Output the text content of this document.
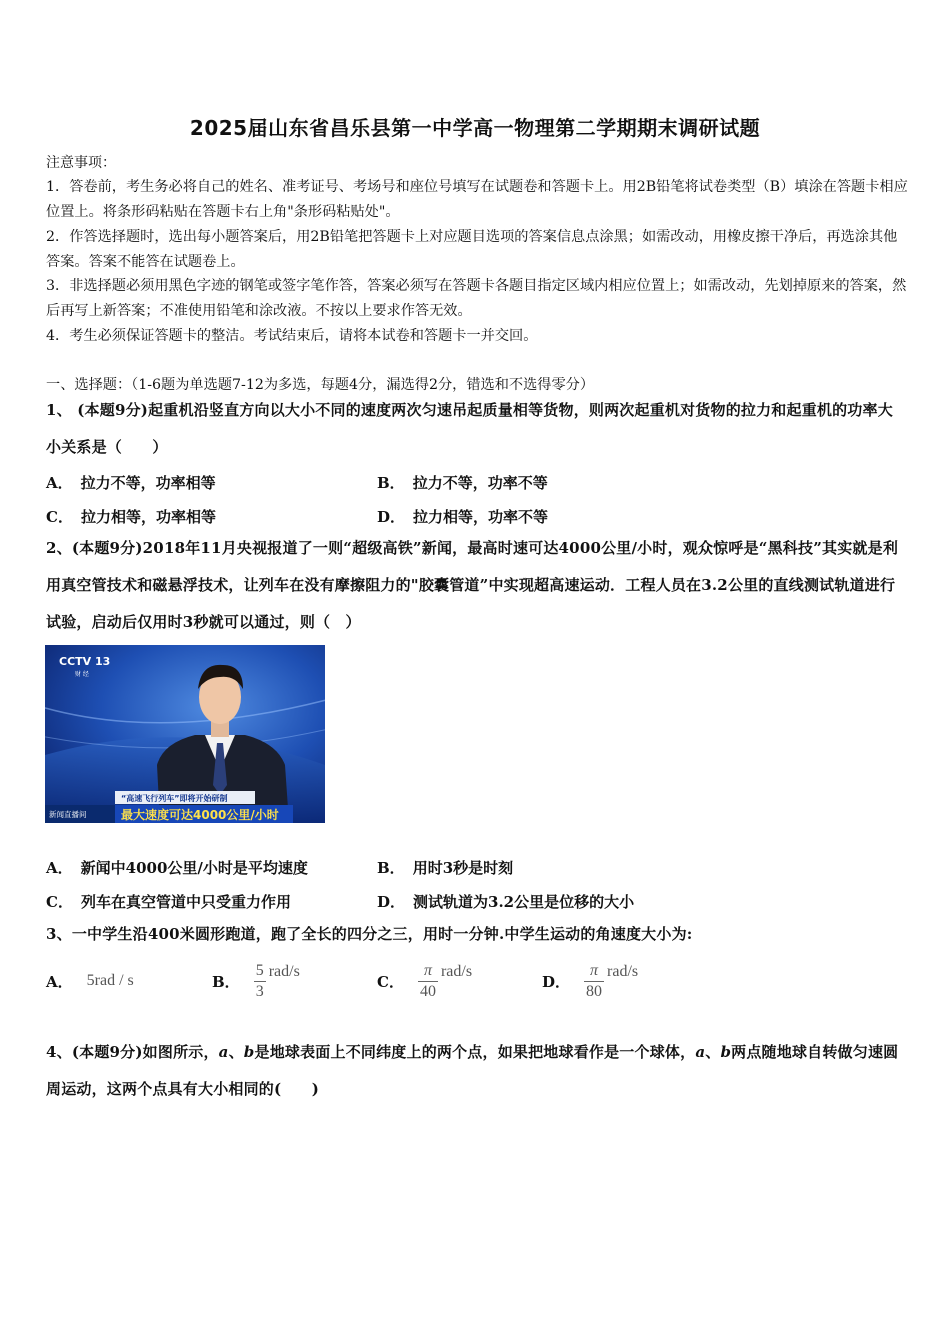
2025届山东省昌乐县第一中学高一物理第二学期期末调研试题
注意事项：
1．答卷前，考生务必将自己的姓名、准考证号、考场号和座位号填写在试题卷和答题卡上。用2B铅笔将试卷类型（B）填涂在答题卡相应位置上。将条形码粘贴在答题卡右上角"条形码粘贴处"。
2．作答选择题时，选出每小题答案后，用2B铅笔把答题卡上对应题目选项的答案信息点涂黑；如需改动，用橡皮擦干净后，再选涂其他答案。答案不能答在试题卷上。
3．非选择题必须用黑色字迹的钢笔或签字笔作答，答案必须写在答题卡各题目指定区域内相应位置上；如需改动，先划掉原来的答案，然后再写上新答案；不准使用铅笔和涂改液。不按以上要求作答无效。
4．考生必须保证答题卡的整洁。考试结束后，请将本试卷和答题卡一并交回。
一、选择题：（1-6题为单选题7-12为多选，每题4分，漏选得2分，错选和不选得零分）
1、 (本题9分)起重机沿竖直方向以大小不同的速度两次匀速吊起质量相等货物，则两次起重机对货物的拉力和起重机的功率大小关系是（　　）
A． 拉力不等，功率相等	B． 拉力不等，功率不等
C． 拉力相等，功率相等	D． 拉力相等，功率不等
2、(本题9分)2018年11月央视报道了一则“超级高铁”新闻，最高时速可达4000公里/小时，观众惊呼是“黑科技”其实就是利用真空管技术和磁悬浮技术，让列车在没有摩擦阻力的"胶囊管道”中实现超高速运动．工程人员在3.2公里的直线测试轨道进行试验，启动后仅用时3秒就可以通过，则（　）
CCTV 13
财 经
“高速飞行列车”即将开始研制
新闻直播间	最大速度可达4000公里/小时
A． 新闻中4000公里/小时是平均速度	B． 用时3秒是时刻
C． 列车在真空管道中只受重力作用	D． 测试轨道为3.2公里是位移的大小
3、一中学生沿400米圆形跑道，跑了全长的四分之三，用时一分钟.中学生运动的角速度大小为:
A． 5rad / s	B． $\frac{5}{3} rad/s$
C． $\frac{\pi}{40} rad/s$
D． $\frac{\pi}{80} rad/s$
4、(本题9分)如图所示，a、b是地球表面上不同纬度上的两个点，如果把地球看作是一个球体，a、b两点随地球自转做匀速圆周运动，这两个点具有大小相同的(　　)
